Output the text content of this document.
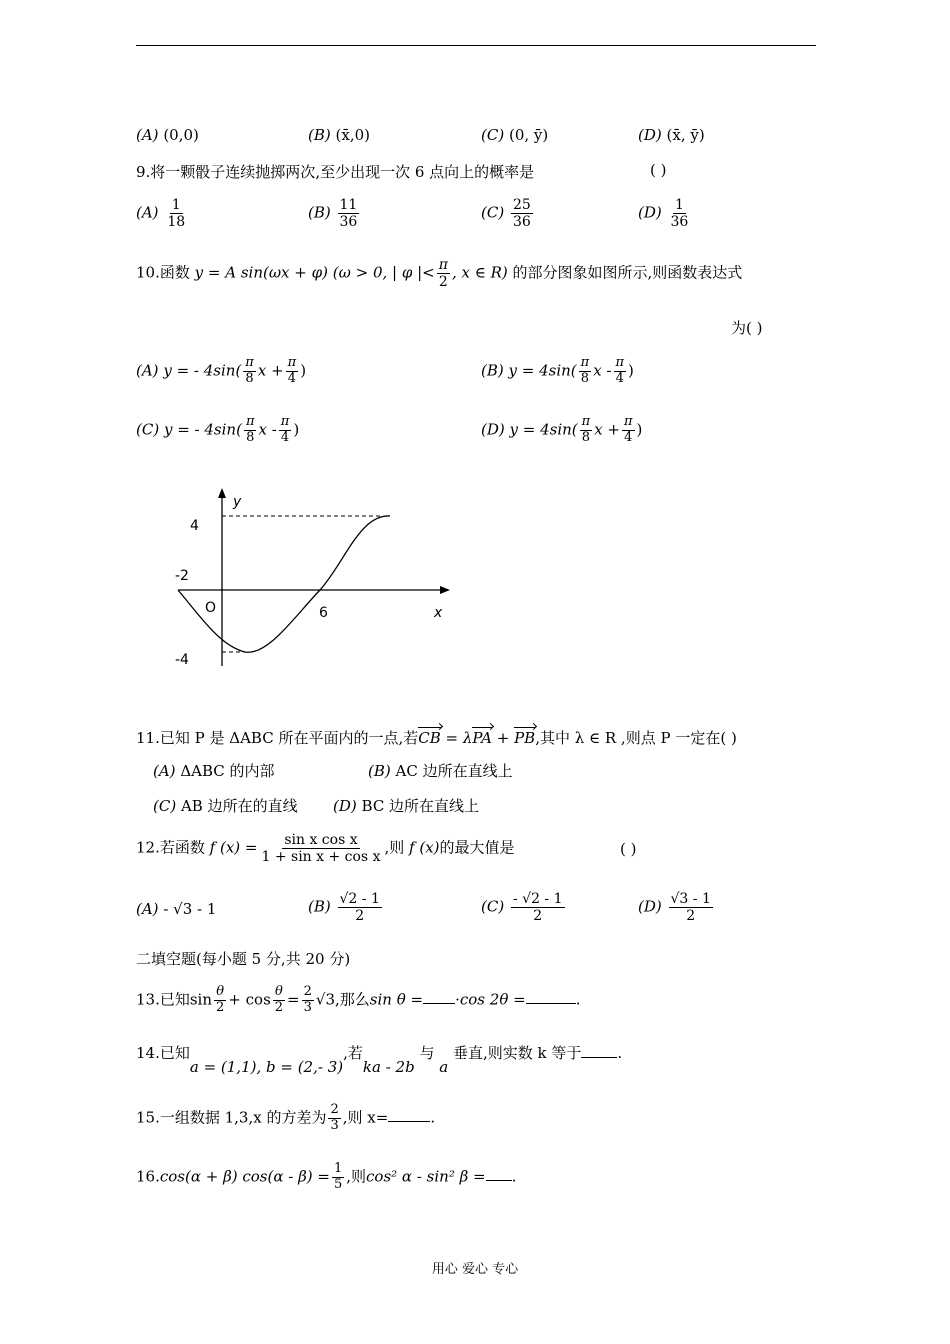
(A) (0,0)	(B) (x̄,0)	(C) (0, ȳ)	(D) (x̄, ȳ)
9.将一颗骰子连续抛掷两次,至少出现一次 6 点向上的概率是	( )
$(A) \frac{1}{18}$	$(B) \frac{11}{36}$	$(C) \frac{25}{36}$	$(D) \frac{1}{36}$
10.函数 y = A sin(ωx + φ) (ω > 0, | φ |< $\frac{\pi}{2}$ , x ∈ R) 的部分图象如图所示,则函数表达式
为( )
(A) y = - $4\sin( \frac{\pi}{8}$ $x + \frac{\pi}{4}$ )	(B) $y = 4\sin( \frac{\pi}{8}$ x - $\frac{\pi}{4}$ )
(C) y = - $4\sin( \frac{\pi}{8}$ x - $\frac{\pi}{4}$ )	(D) $y = 4\sin( \frac{\pi}{8}$ $x + \frac{\pi}{4}$ )
y
x
O
4
-2
-4
6
11.已知 P 是 ΔABC 所在平面内的一点,若CB = λPA + PB,其中 λ ∈ R ,则点 P 一定在( )
(A) ΔABC 的内部	(B) AC 边所在直线上
(C) AB 边所在的直线 (D) BC 边所在直线上
12.若函数 f $(x) = \frac{\text{sin x cos x}}{\text{1 + sin x + cos x}}$ ,则 f (x)的最大值是	( )
(A) - √3 - 1	$(B) \frac{√2 - 1}{2}$	$(C) \frac{- √2 - 1}{2}$	$(D) \frac{√3 - 1}{2}$
二填空题(每小题 5 分,共 20 分)
13.已知$\sin \frac{\theta}{2} + \cos \frac{\theta}{2} = \frac{2}{3} √3$,那么sin θ = ·cos 2θ =	.
14.已知a = (1,1), b = (2,- 3),若ka - 2b 与 a 垂直,则实数 k 等于 .
15.一组数据 1,3,x 的方差为 $\frac{2}{3}$ ,则 x=	.
16.cos(α + β) $\cos(\alpha - \beta) = \frac{1}{5}$ ,则cos² α - sin² β = .
用心 爱心 专心
